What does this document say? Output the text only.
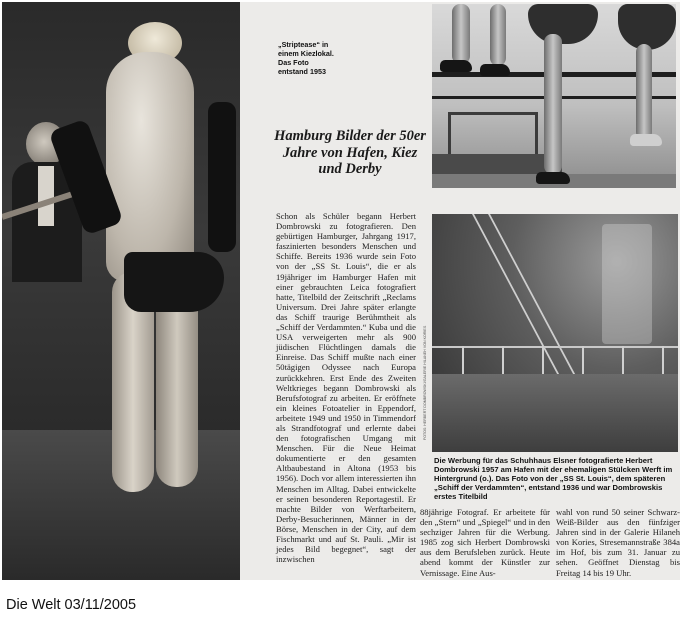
„Striptease“ in einem Kiezlokal. Das Foto entstand 1953
Hamburg Bilder der 50er Jahre von Hafen, Kiez und Derby
Schon als Schüler begann Herbert Dombrowski zu fotografieren. Den gebürtigen Hamburger, Jahrgang 1917, faszinierten besonders Menschen und Schiffe. Bereits 1936 wurde sein Foto von der „SS St. Louis“, die er als 19jähriger im Hamburger Hafen mit einer gebrauchten Leica fotografiert hatte, Titelbild der Zeitschrift „Reclams Universum. Drei Jahre später erlangte das Schiff traurige Berühmtheit als „Schiff der Verdammten.“ Kuba und die USA verweigerten mehr als 900 jüdischen Flüchtlingen damals die Einreise. Das Schiff mußte nach einer 50tägigen Odyssee nach Europa zurückkehren. Erst Ende des Zweiten Weltkrieges begann Dombrowski als Berufsfotograf zu arbeiten. Er eröffnete ein kleines Fotoatelier in Eppendorf, arbeitete 1949 und 1950 in Timmendorf als Strandfotograf und erlernte dabei den fotografischen Umgang mit Menschen. Für die Neue Heimat dokumentierte er den gesamten Altbaubestand in Altona (1953 bis 1956). Doch vor allem interessierten ihn Menschen im Alltag. Dabei entwickelte er seinen besonderen Reportagestil. Er machte Bilder von Werftarbeitern, Derby-Besucherinnen, Männer in der Börse, Menschen in der City, auf dem Fischmarkt und auf St. Pauli. „Mir ist jedes Bild begegnet“, sagt der inzwischen
88jährige Fotograf. Er arbeitete für den „Stern“ und „Spiegel“ und in den sechziger Jahren für die Werbung. 1985 zog sich Herbert Dombrowski aus dem Berufsleben zurück. Heute abend kommt der Künstler zur Vernissage. Eine Aus-
wahl von rund 50 seiner Schwarz-Weiß-Bilder aus den fünfziger Jahren sind in der Galerie Hilaneh von Kories, Stresemannstraße 384a im Hof, bis zum 31. Januar zu sehen. Geöffnet Dienstag bis Freitag 14 bis 19 Uhr.
FOTOS: HERBERT DOMBROWSKI/GALERIE HILANEH VON KORIES
Die Werbung für das Schuhhaus Elsner fotografierte Herbert Dombrowski 1957 am Hafen mit der ehemaligen Stülcken Werft im Hintergrund (o.). Das Foto von der „SS St. Louis“, dem späteren „Schiff der Verdammten“, entstand 1936 und war Dombrowskis erstes Titelbild
Die Welt 03/11/2005
